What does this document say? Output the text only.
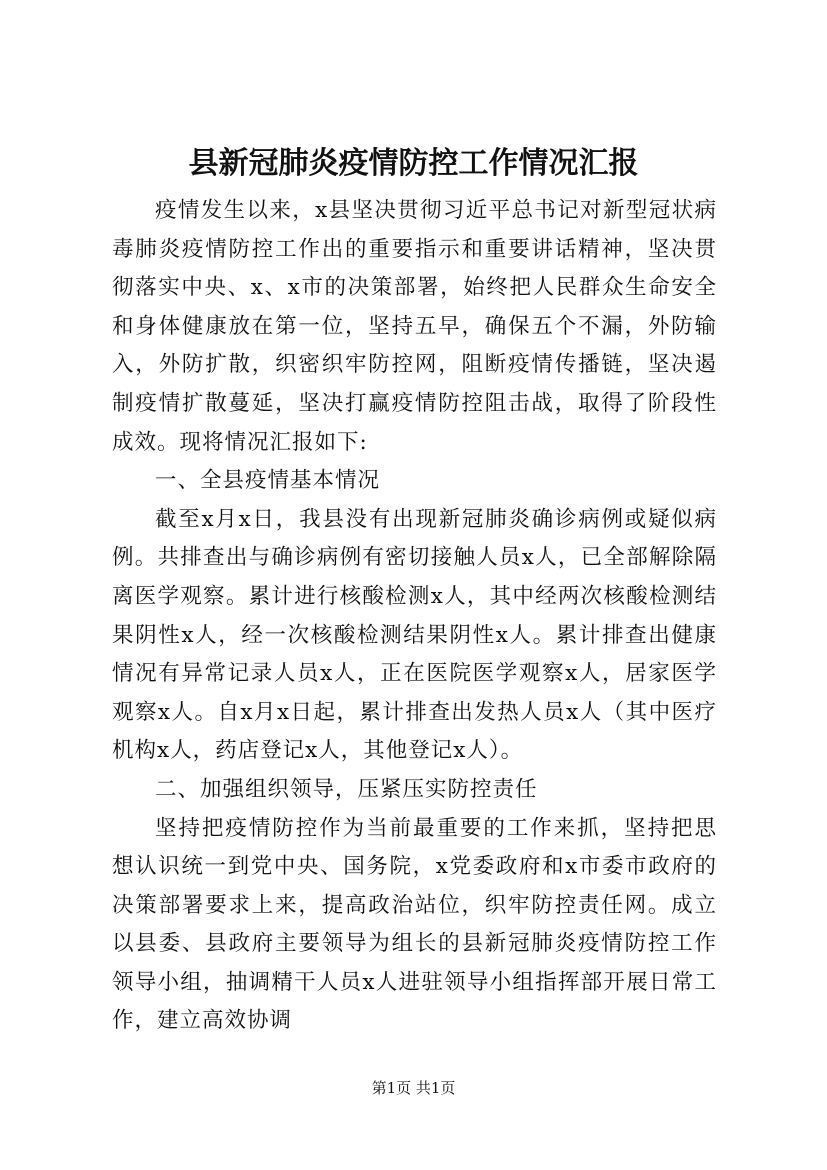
县新冠肺炎疫情防控工作情况汇报

疫情发生以来，x县坚决贯彻习近平总书记对新型冠状病毒肺炎疫情防控工作出的重要指示和重要讲话精神，坚决贯彻落实中央、x、x市的决策部署，始终把人民群众生命安全和身体健康放在第一位，坚持五早，确保五个不漏，外防输入，外防扩散，织密织牢防控网，阻断疫情传播链，坚决遏制疫情扩散蔓延，坚决打赢疫情防控阻击战，取得了阶段性成效。现将情况汇报如下:

一、全县疫情基本情况

截至x月x日，我县没有出现新冠肺炎确诊病例或疑似病例。共排查出与确诊病例有密切接触人员x人，已全部解除隔离医学观察。累计进行核酸检测x人，其中经两次核酸检测结果阴性x人，经一次核酸检测结果阴性x人。累计排查出健康情况有异常记录人员x人，正在医院医学观察x人，居家医学观察x人。自x月x日起，累计排查出发热人员x人（其中医疗机构x人，药店登记x人，其他登记x人）。

二、加强组织领导，压紧压实防控责任

坚持把疫情防控作为当前最重要的工作来抓，坚持把思想认识统一到党中央、国务院，x党委政府和x市委市政府的决策部署要求上来，提高政治站位，织牢防控责任网。成立以县委、县政府主要领导为组长的县新冠肺炎疫情防控工作领导小组，抽调精干人员x人进驻领导小组指挥部开展日常工作，建立高效协调

第1页 共1页
